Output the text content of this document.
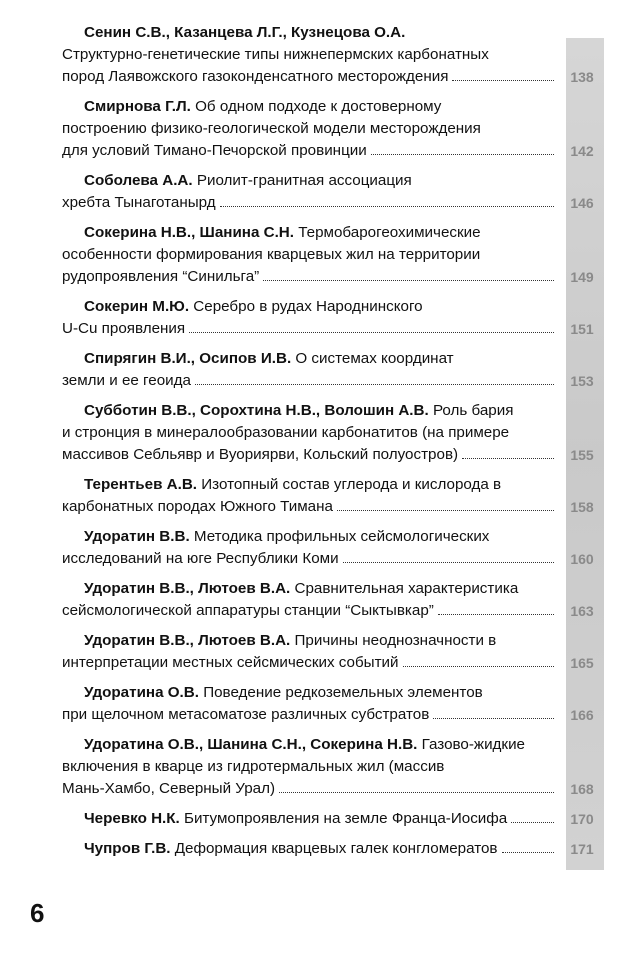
Сенин С.В., Казанцева Л.Г., Кузнецова О.А.
Структурно-генетические типы нижнепермских карбонатных
пород Лаявожского газоконденсатного месторождения	138
Смирнова Г.Л. Об одном подходе к достоверному
построению физико-геологической модели месторождения
для условий Тимано-Печорской провинции	142
Соболева А.А. Риолит-гранитная ассоциация
хребта Тынаготанырд	146
Сокерина Н.В., Шанина С.Н. Термобарогеохимические
особенности формирования кварцевых жил на территории
рудопроявления “Синильга”	149
Сокерин М.Ю. Серебро в рудах Народнинского
U-Cu проявления	151
Спирягин В.И., Осипов И.В. О системах координат
земли и ее геоида	153
Субботин В.В., Сорохтина Н.В., Волошин А.В. Роль бария
и стронция в минералообразовании карбонатитов (на примере
массивов Себльявр и Вуориярви, Кольский полуостров)	155
Терентьев А.В. Изотопный состав углерода и кислорода в
карбонатных породах Южного Тимана	158
Удоратин В.В. Методика профильных сейсмологических
исследований на юге Республики Коми	160
Удоратин В.В., Лютоев В.А. Сравнительная характеристика
сейсмологической аппаратуры станции “Сыктывкар”	163
Удоратин В.В., Лютоев В.А. Причины неоднозначности в
интерпретации местных сейсмических событий	165
Удоратина О.В. Поведение редкоземельных элементов
при щелочном метасоматозе различных субстратов	166
Удоратина О.В., Шанина С.Н., Сокерина Н.В. Газово-жидкие
включения в кварце из гидротермальных жил (массив
Мань-Хамбо, Северный Урал)	168
Черевко Н.К. Битумопроявления на земле Франца-Иосифа	170
Чупров Г.В. Деформация кварцевых галек конгломератов	171
6
